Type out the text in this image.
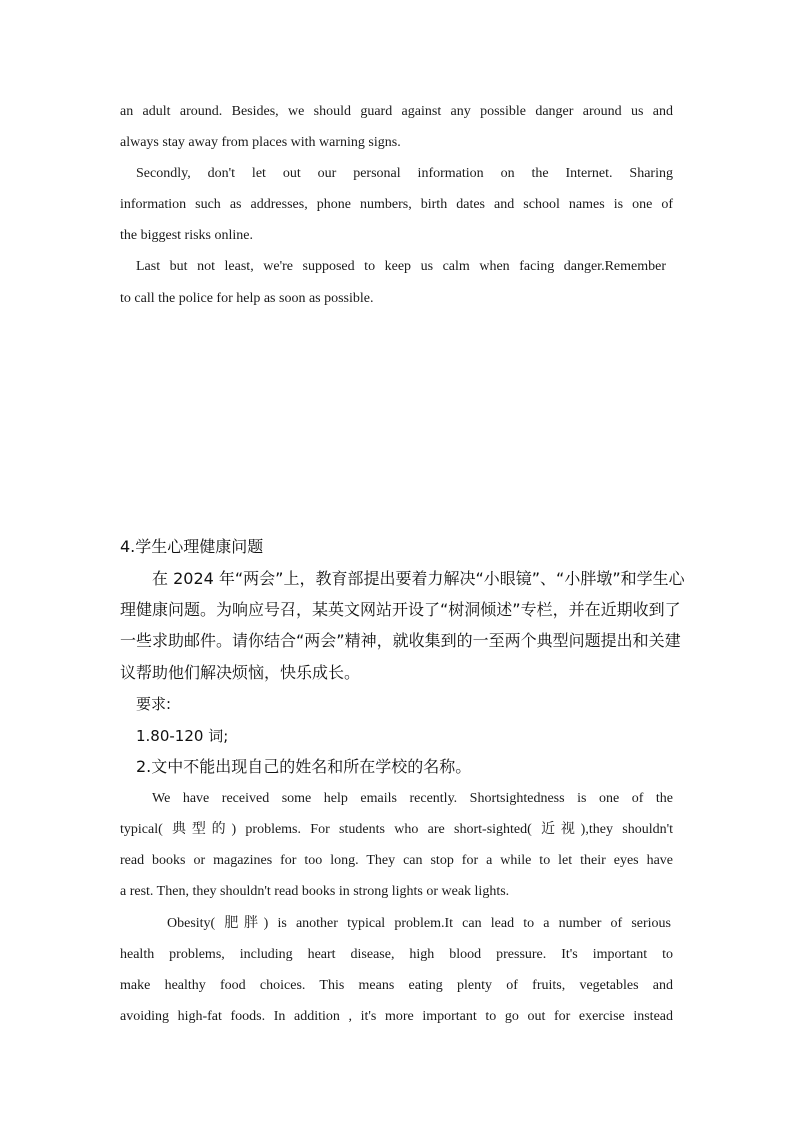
an adult around. Besides, we should guard against any possible danger around us and
always stay away from places with warning signs.
Secondly, don't let out our personal information on the Internet. Sharing
information such as addresses, phone numbers, birth dates and school names is one of
the biggest risks online.
Last but not least, we're supposed to keep us calm when facing danger.Remember
to call the police for help as soon as possible.
4.学生心理健康问题
在 2024 年“两会”上，教育部提出要着力解决“小眼镜”、“小胖墩”和学生心
理健康问题。为响应号召，某英文网站开设了“树洞倾述”专栏，并在近期收到了
一些求助邮件。请你结合“两会”精神，就收集到的一至两个典型问题提出和关建
议帮助他们解决烦恼，快乐成长。
要求:
1.80-120 词;
2.文中不能出现自己的姓名和所在学校的名称。
We have received some help emails recently. Shortsightedness is one of the
typical( 典型的) problems. For students who are short-sighted( 近视),they shouldn't
read books or magazines for too long. They can stop for a while to let their eyes have
a rest. Then, they shouldn't read books in strong lights or weak lights.
Obesity( 肥胖) is another typical problem.It can lead to a number of serious
health problems, including heart disease, high blood pressure. It's important to
make healthy food choices. This means eating plenty of fruits, vegetables and
avoiding high-fat foods. In addition , it's more important to go out for exercise instead
